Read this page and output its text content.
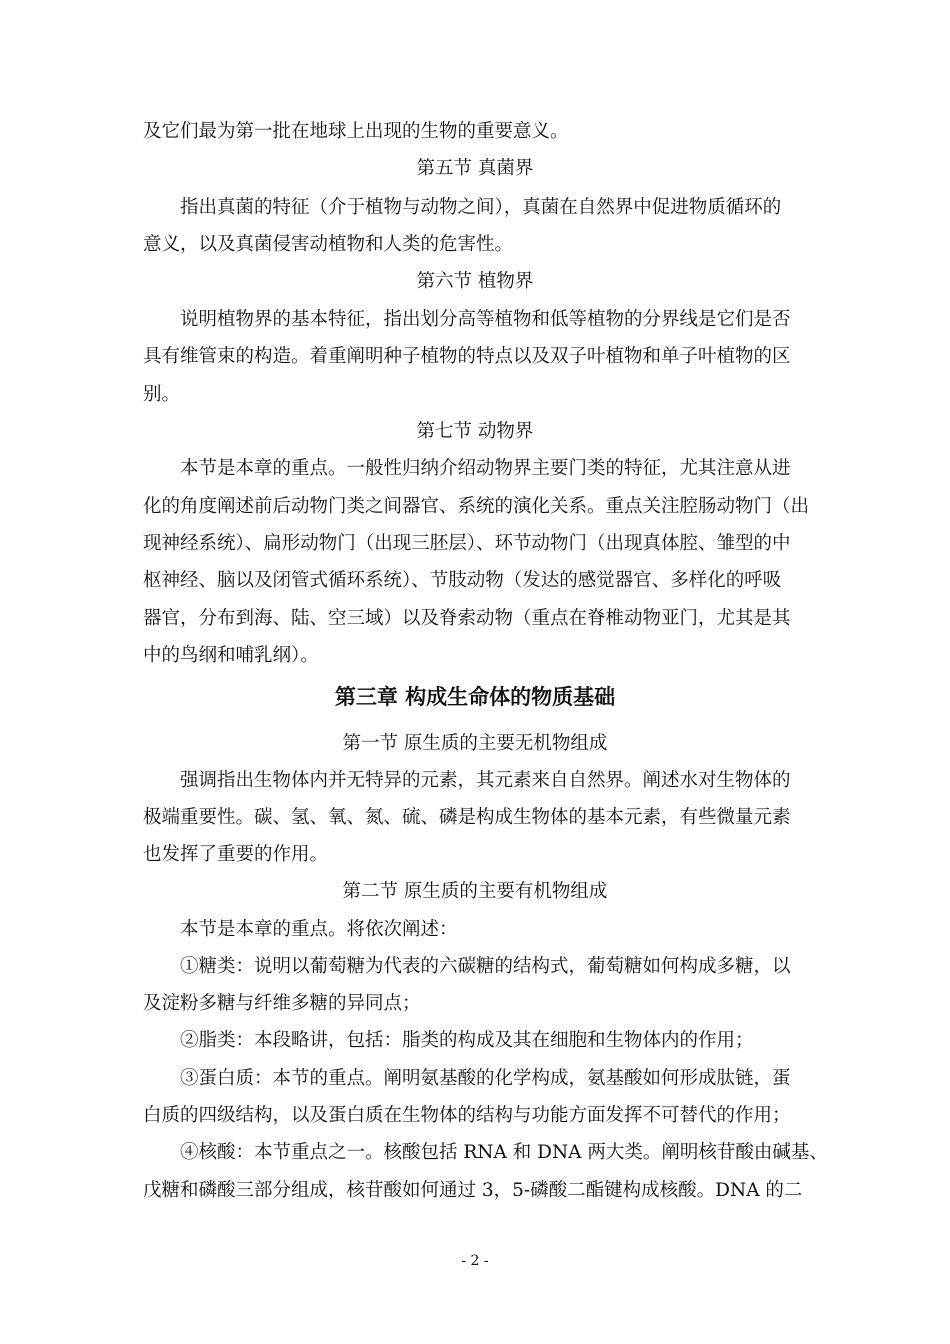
及它们最为第一批在地球上出现的生物的重要意义。
第五节 真菌界
指出真菌的特征（介于植物与动物之间），真菌在自然界中促进物质循环的
意义，以及真菌侵害动植物和人类的危害性。
第六节 植物界
说明植物界的基本特征，指出划分高等植物和低等植物的分界线是它们是否
具有维管束的构造。着重阐明种子植物的特点以及双子叶植物和单子叶植物的区
别。
第七节 动物界
本节是本章的重点。一般性归纳介绍动物界主要门类的特征，尤其注意从进
化的角度阐述前后动物门类之间器官、系统的演化关系。重点关注腔肠动物门（出
现神经系统）、扁形动物门（出现三胚层）、环节动物门（出现真体腔、雏型的中
枢神经、脑以及闭管式循环系统）、节肢动物（发达的感觉器官、多样化的呼吸
器官，分布到海、陆、空三域）以及脊索动物（重点在脊椎动物亚门，尤其是其
中的鸟纲和哺乳纲）。
第三章 构成生命体的物质基础
第一节 原生质的主要无机物组成
强调指出生物体内并无特异的元素，其元素来自自然界。阐述水对生物体的
极端重要性。碳、氢、氧、氮、硫、磷是构成生物体的基本元素，有些微量元素
也发挥了重要的作用。
第二节 原生质的主要有机物组成
本节是本章的重点。将依次阐述：
①糖类：说明以葡萄糖为代表的六碳糖的结构式，葡萄糖如何构成多糖，以
及淀粉多糖与纤维多糖的异同点；
②脂类：本段略讲，包括：脂类的构成及其在细胞和生物体内的作用；
③蛋白质：本节的重点。阐明氨基酸的化学构成，氨基酸如何形成肽链，蛋
白质的四级结构，以及蛋白质在生物体的结构与功能方面发挥不可替代的作用；
④核酸：本节重点之一。核酸包括 RNA 和 DNA 两大类。阐明核苷酸由碱基、
戊糖和磷酸三部分组成，核苷酸如何通过 3，5-磷酸二酯键构成核酸。DNA 的二
- 2 -
